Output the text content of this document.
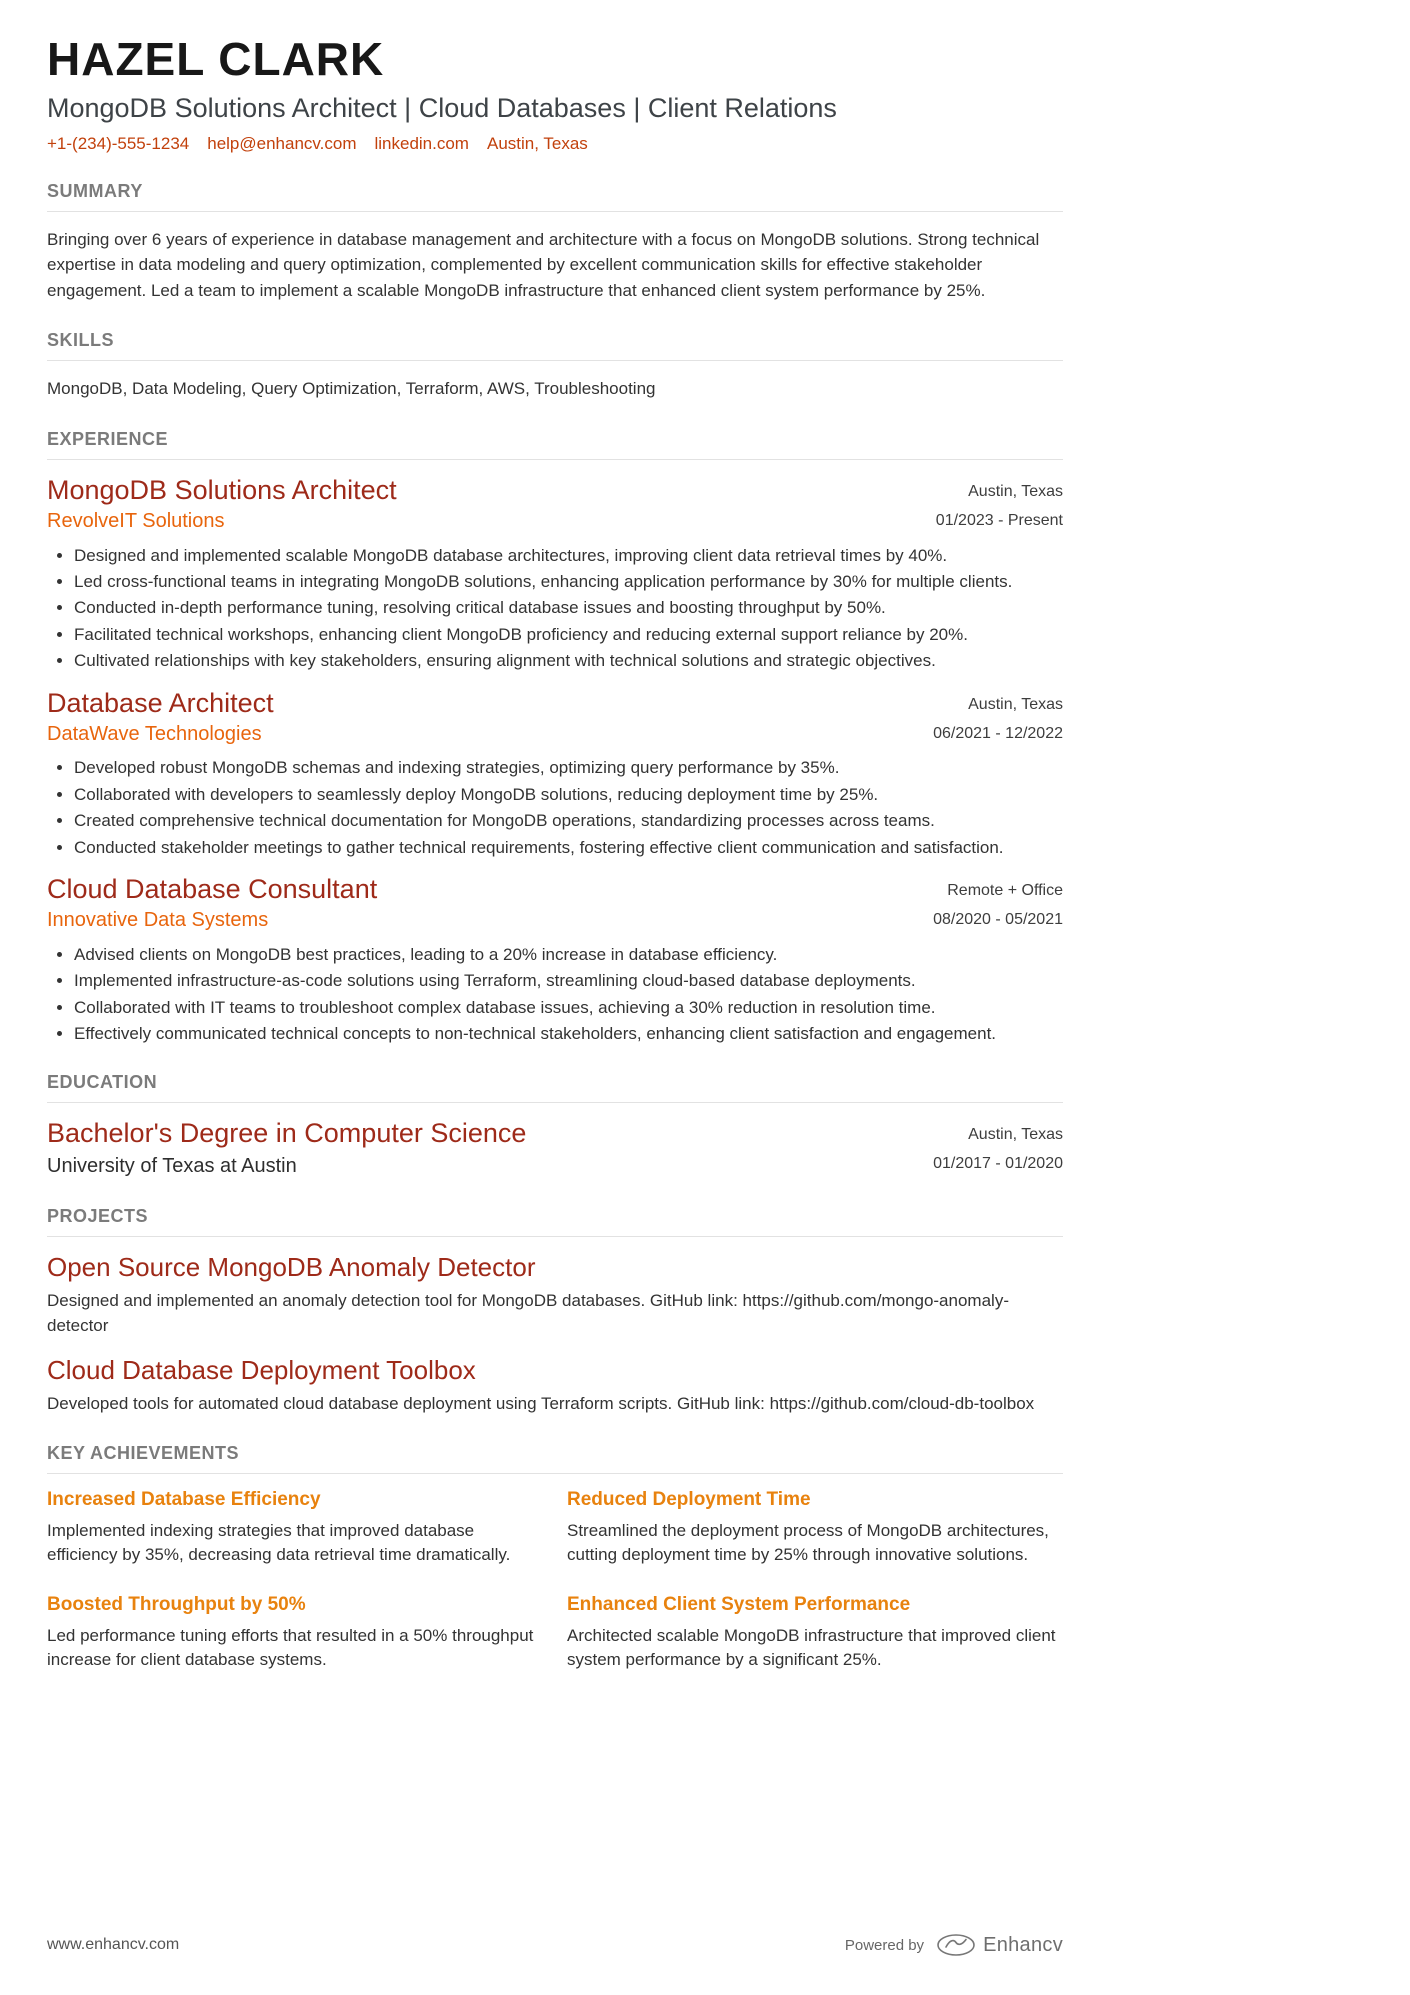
HAZEL CLARK
MongoDB Solutions Architect | Cloud Databases | Client Relations
+1-(234)-555-1234 help@enhancv.com linkedin.com Austin, Texas
SUMMARY

Bringing over 6 years of experience in database management and architecture with a focus on MongoDB solutions. Strong technical expertise in data modeling and query optimization, complemented by excellent communication skills for effective stakeholder engagement. Led a team to implement a scalable MongoDB infrastructure that enhanced client system performance by 25%.

SKILLS

MongoDB, Data Modeling, Query Optimization, Terraform, AWS, Troubleshooting

EXPERIENCE
MongoDB Solutions Architect
RevolveIT Solutions
Austin, Texas
01/2023 - Present
• Designed and implemented scalable MongoDB database architectures, improving client data retrieval times by 40%.
• Led cross-functional teams in integrating MongoDB solutions, enhancing application performance by 30% for multiple clients.
• Conducted in-depth performance tuning, resolving critical database issues and boosting throughput by 50%.
• Facilitated technical workshops, enhancing client MongoDB proficiency and reducing external support reliance by 20%.
• Cultivated relationships with key stakeholders, ensuring alignment with technical solutions and strategic objectives.
Database Architect
DataWave Technologies
Austin, Texas
06/2021 - 12/2022
• Developed robust MongoDB schemas and indexing strategies, optimizing query performance by 35%.
• Collaborated with developers to seamlessly deploy MongoDB solutions, reducing deployment time by 25%.
• Created comprehensive technical documentation for MongoDB operations, standardizing processes across teams.
• Conducted stakeholder meetings to gather technical requirements, fostering effective client communication and satisfaction.
Cloud Database Consultant
Innovative Data Systems
Remote + Office
08/2020 - 05/2021
• Advised clients on MongoDB best practices, leading to a 20% increase in database efficiency.
• Implemented infrastructure-as-code solutions using Terraform, streamlining cloud-based database deployments.
• Collaborated with IT teams to troubleshoot complex database issues, achieving a 30% reduction in resolution time.
• Effectively communicated technical concepts to non-technical stakeholders, enhancing client satisfaction and engagement.
EDUCATION
Bachelor's Degree in Computer Science
University of Texas at Austin
Austin, Texas
01/2017 - 01/2020
PROJECTS
Open Source MongoDB Anomaly Detector

Designed and implemented an anomaly detection tool for MongoDB databases. GitHub link: https://github.com/mongo-anomaly-detector

Cloud Database Deployment Toolbox

Developed tools for automated cloud database deployment using Terraform scripts. GitHub link: https://github.com/cloud-db-toolbox

KEY ACHIEVEMENTS
Increased Database Efficiency

Implemented indexing strategies that improved database efficiency by 35%, decreasing data retrieval time dramatically.

Reduced Deployment Time

Streamlined the deployment process of MongoDB architectures, cutting deployment time by 25% through innovative solutions.

Boosted Throughput by 50%

Led performance tuning efforts that resulted in a 50% throughput increase for client database systems.

Enhanced Client System Performance

Architected scalable MongoDB infrastructure that improved client system performance by a significant 25%.

www.enhancv.com	Powered by	Enhancv
